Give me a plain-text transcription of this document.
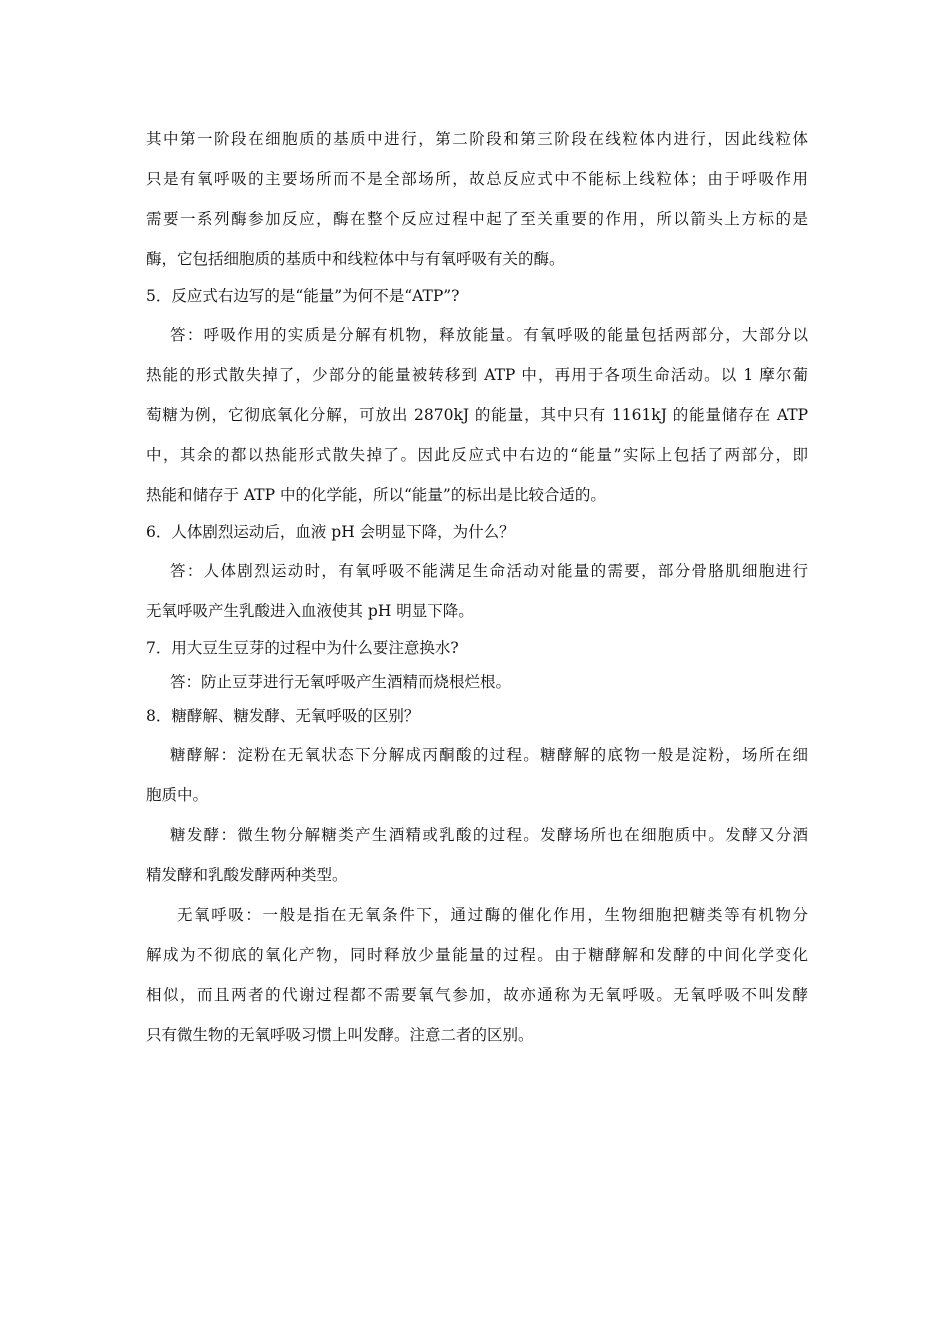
其中第一阶段在细胞质的基质中进行，第二阶段和第三阶段在线粒体内进行，因此线粒体
只是有氧呼吸的主要场所而不是全部场所，故总反应式中不能标上线粒体；由于呼吸作用
需要一系列酶参加反应，酶在整个反应过程中起了至关重要的作用，所以箭头上方标的是
酶，它包括细胞质的基质中和线粒体中与有氧呼吸有关的酶。
5．反应式右边写的是“能量”为何不是“ATP”?
答：呼吸作用的实质是分解有机物，释放能量。有氧呼吸的能量包括两部分，大部分以
热能的形式散失掉了，少部分的能量被转移到 ATP 中，再用于各项生命活动。以 1 摩尔葡
萄糖为例，它彻底氧化分解，可放出 2870kJ 的能量，其中只有 1161kJ 的能量储存在 ATP
中，其余的都以热能形式散失掉了。因此反应式中右边的“能量”实际上包括了两部分，即
热能和储存于 ATP 中的化学能，所以“能量”的标出是比较合适的。
6．人体剧烈运动后，血液 pH 会明显下降，为什么？
答：人体剧烈运动时，有氧呼吸不能满足生命活动对能量的需要，部分骨胳肌细胞进行
无氧呼吸产生乳酸进入血液使其 pH 明显下降。
7．用大豆生豆芽的过程中为什么要注意换水?
答：防止豆芽进行无氧呼吸产生酒精而烧根烂根。
8．糖酵解、糖发酵、无氧呼吸的区别？
糖酵解：淀粉在无氧状态下分解成丙酮酸的过程。糖酵解的底物一般是淀粉，场所在细
胞质中。
糖发酵：微生物分解糖类产生酒精或乳酸的过程。发酵场所也在细胞质中。发酵又分酒
精发酵和乳酸发酵两种类型。
无氧呼吸：一般是指在无氧条件下，通过酶的催化作用，生物细胞把糖类等有机物分
解成为不彻底的氧化产物，同时释放少量能量的过程。由于糖酵解和发酵的中间化学变化
相似，而且两者的代谢过程都不需要氧气参加，故亦通称为无氧呼吸。无氧呼吸不叫发酵
只有微生物的无氧呼吸习惯上叫发酵。注意二者的区别。
